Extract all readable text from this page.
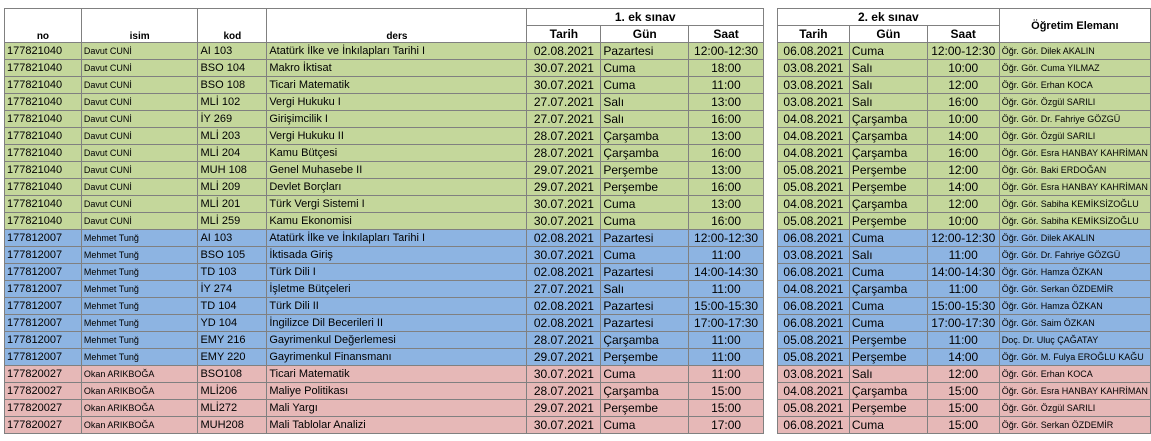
no	isim	kod	ders	1. ek sınav				2. ek sınav			Öğretim Elemanı
				Tarih	Gün	Saat		Tarih	Gün	Saat	
177821040	Davut CUNİ	AI 103	Atatürk İlke ve İnkılapları Tarihi I	02.08.2021	Pazartesi	12:00-12:30		06.08.2021	Cuma	12:00-12:30	Öğr. Gör. Dilek AKALIN
177821040	Davut CUNİ	BSO 104	Makro İktisat	30.07.2021	Cuma	18:00		03.08.2021	Salı	10:00	Öğr. Gör. Cuma YILMAZ
177821040	Davut CUNİ	BSO 108	Ticari Matematik	30.07.2021	Cuma	11:00		03.08.2021	Salı	12:00	Öğr. Gör. Erhan KOCA
177821040	Davut CUNİ	MLİ 102	Vergi Hukuku I	27.07.2021	Salı	13:00		03.08.2021	Salı	16:00	Öğr. Gör. Özgül SARILI
177821040	Davut CUNİ	İY 269	Girişimcilik I	27.07.2021	Salı	16:00		04.08.2021	Çarşamba	10:00	Öğr. Gör. Dr. Fahriye GÖZGÜ
177821040	Davut CUNİ	MLİ 203	Vergi Hukuku II	28.07.2021	Çarşamba	13:00		04.08.2021	Çarşamba	14:00	Öğr. Gör. Özgül SARILI
177821040	Davut CUNİ	MLİ 204	Kamu Bütçesi	28.07.2021	Çarşamba	16:00		04.08.2021	Çarşamba	16:00	Öğr. Gör. Esra HANBAY KAHRİMAN
177821040	Davut CUNİ	MUH 108	Genel Muhasebe II	29.07.2021	Perşembe	13:00		05.08.2021	Perşembe	12:00	Öğr. Gör. Baki ERDOĞAN
177821040	Davut CUNİ	MLİ 209	Devlet Borçları	29.07.2021	Perşembe	16:00		05.08.2021	Perşembe	14:00	Öğr. Gör. Esra HANBAY KAHRİMAN
177821040	Davut CUNİ	MLİ 201	Türk Vergi Sistemi I	30.07.2021	Cuma	13:00		04.08.2021	Çarşamba	12:00	Öğr. Gör. Sabiha KEMİKSİZOĞLU
177821040	Davut CUNİ	MLİ 259	Kamu Ekonomisi	30.07.2021	Cuma	16:00		05.08.2021	Perşembe	10:00	Öğr. Gör. Sabiha KEMİKSİZOĞLU
177812007	Mehmet Tunğ	AI 103	Atatürk İlke ve İnkılapları Tarihi I	02.08.2021	Pazartesi	12:00-12:30		06.08.2021	Cuma	12:00-12:30	Öğr. Gör. Dilek AKALIN
177812007	Mehmet Tunğ	BSO 105	İktisada Giriş	30.07.2021	Cuma	11:00		03.08.2021	Salı	11:00	Öğr. Gör. Dr. Fahriye GÖZGÜ
177812007	Mehmet Tunğ	TD 103	Türk Dili I	02.08.2021	Pazartesi	14:00-14:30		06.08.2021	Cuma	14:00-14:30	Öğr. Gör. Hamza ÖZKAN
177812007	Mehmet Tunğ	İY 274	İşletme Bütçeleri	27.07.2021	Salı	11:00		04.08.2021	Çarşamba	11:00	Öğr. Gör. Serkan ÖZDEMİR
177812007	Mehmet Tunğ	TD 104	Türk Dili II	02.08.2021	Pazartesi	15:00-15:30		06.08.2021	Cuma	15:00-15:30	Öğr. Gör. Hamza ÖZKAN
177812007	Mehmet Tunğ	YD 104	İngilizce Dil Becerileri II	02.08.2021	Pazartesi	17:00-17:30		06.08.2021	Cuma	17:00-17:30	Öğr. Gör. Saim ÖZKAN
177812007	Mehmet Tunğ	EMY 216	Gayrimenkul Değerlemesi	28.07.2021	Çarşamba	11:00		05.08.2021	Perşembe	11:00	Doç. Dr. Uluç ÇAĞATAY
177812007	Mehmet Tunğ	EMY 220	Gayrimenkul Finansmanı	29.07.2021	Perşembe	11:00		05.08.2021	Perşembe	14:00	Öğr. Gör. M. Fulya EROĞLU KAĞU
177820027	Okan ARIKBOĞA	BSO108	Ticari Matematik	30.07.2021	Cuma	11:00		03.08.2021	Salı	12:00	Öğr. Gör. Erhan KOCA
177820027	Okan ARIKBOĞA	MLİ206	Maliye Politikası	28.07.2021	Çarşamba	15:00		04.08.2021	Çarşamba	15:00	Öğr. Gör. Esra HANBAY KAHRİMAN
177820027	Okan ARIKBOĞA	MLİ272	Mali Yargı	29.07.2021	Perşembe	15:00		05.08.2021	Perşembe	15:00	Öğr. Gör. Özgül SARILI
177820027	Okan ARIKBOĞA	MUH208	Mali Tablolar Analizi	30.07.2021	Cuma	17:00		06.08.2021	Cuma	15:00	Öğr. Gör. Serkan ÖZDEMİR
